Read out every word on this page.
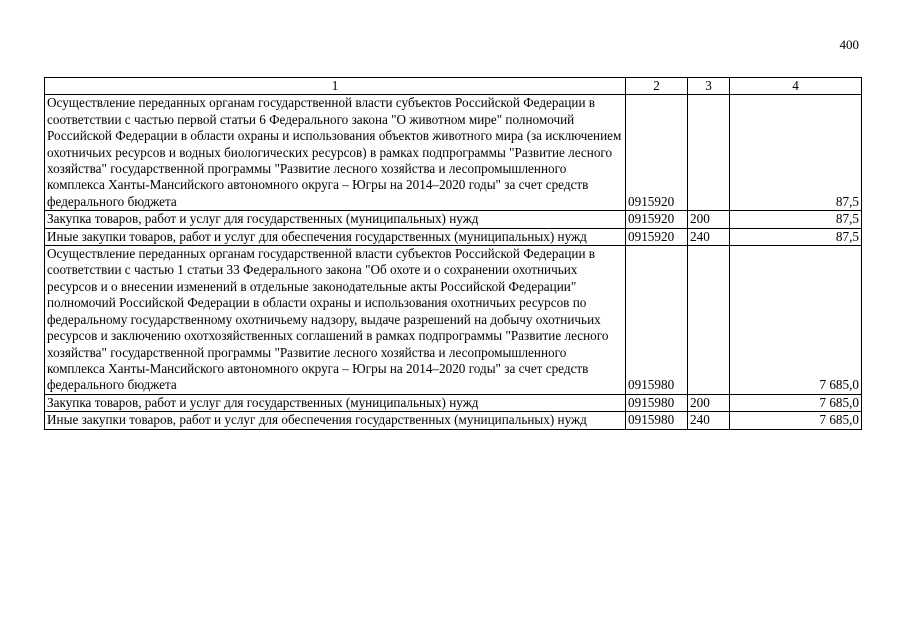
400
1	2	3	4

Осуществление переданных органам государственной власти субъектов Российской Федерации в соответствии с частью первой статьи 6 Федерального закона "О животном мире" полномочий Российской Федерации в области охраны и использования объектов животного мира (за исключением охотничьих ресурсов и водных биологических ресурсов) в рамках подпрограммы "Развитие лесного хозяйства" государственной программы "Развитие лесного хозяйства и лесопромышленного комплекса Ханты-Мансийского автономного округа – Югры на 2014–2020 годы" за счет средств федерального бюджета	0915920		87,5

Закупка товаров, работ и услуг для государственных (муниципальных) нужд	0915920	200	87,5

Иные закупки товаров, работ и услуг для обеспечения государственных (муниципальных) нужд	0915920	240	87,5

Осуществление переданных органам государственной власти субъектов Российской Федерации в соответствии с частью 1 статьи 33 Федерального закона "Об охоте и о сохранении охотничьих ресурсов и о внесении изменений в отдельные законодательные акты Российской Федерации" полномочий Российской Федерации в области охраны и использования охотничьих ресурсов по федеральному государственному охотничьему надзору, выдаче разрешений на добычу охотничьих ресурсов и заключению охотхозяйственных соглашений в рамках подпрограммы "Развитие лесного хозяйства" государственной программы "Развитие лесного хозяйства и лесопромышленного комплекса Ханты-Мансийского автономного округа – Югры на 2014–2020 годы" за счет средств федерального бюджета	0915980		7 685,0

Закупка товаров, работ и услуг для государственных (муниципальных) нужд	0915980	200	7 685,0

Иные закупки товаров, работ и услуг для обеспечения государственных (муниципальных) нужд	0915980	240	7 685,0
